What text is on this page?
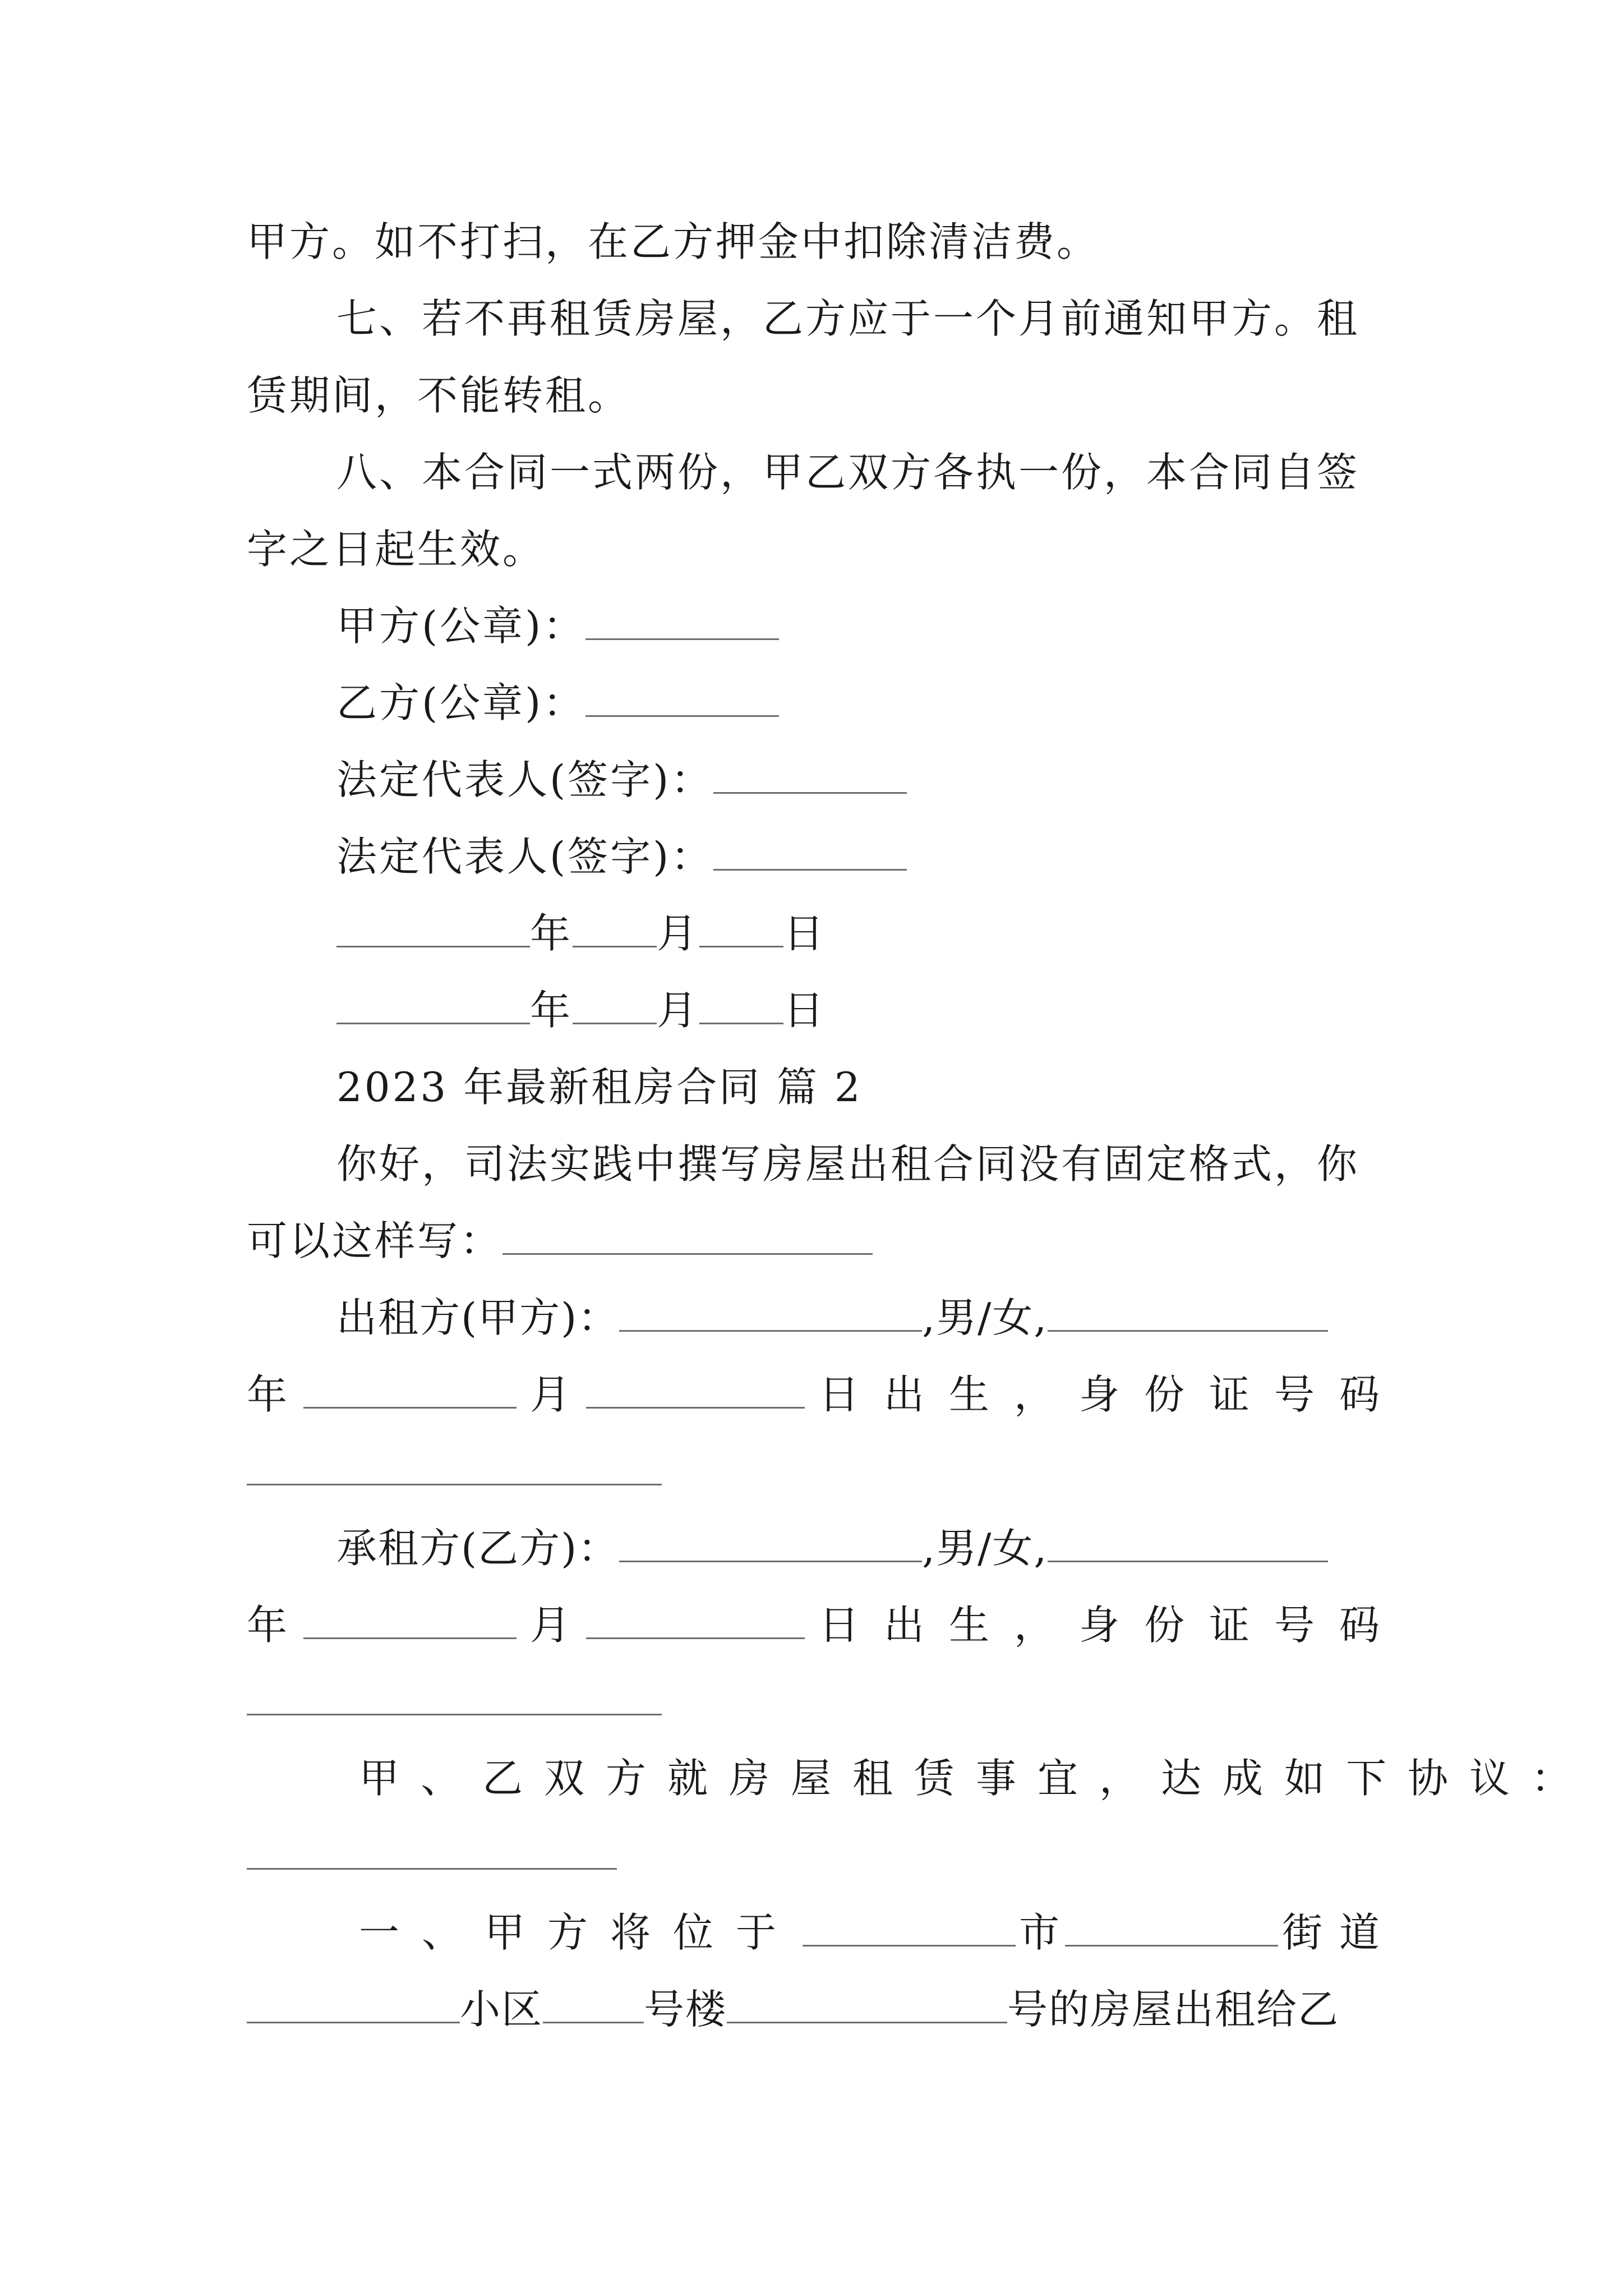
甲方。如不打扫，在乙方押金中扣除清洁费。
七、若不再租赁房屋，乙方应于一个月前通知甲方。租
赁期间，不能转租。
八、本合同一式两份，甲乙双方各执一份，本合同自签
字之日起生效。
甲方(公章)：
乙方(公章)：
法定代表人(签字)：
法定代表人(签字)：
年 月 日
年 月 日
2023 年最新租房合同 篇 2
你好，司法实践中撰写房屋出租合同没有固定格式，你
可以这样写：
出租方(甲方)：	,男/女,
年	月	日出生，身份证号码
承租方(乙方)：	,男/女,
年	月	日出生，身份证号码
甲、乙双方就房屋租赁事宜，达成如下协议：
一、甲方将位于	市	街道
小区	号楼	号的房屋出租给乙
